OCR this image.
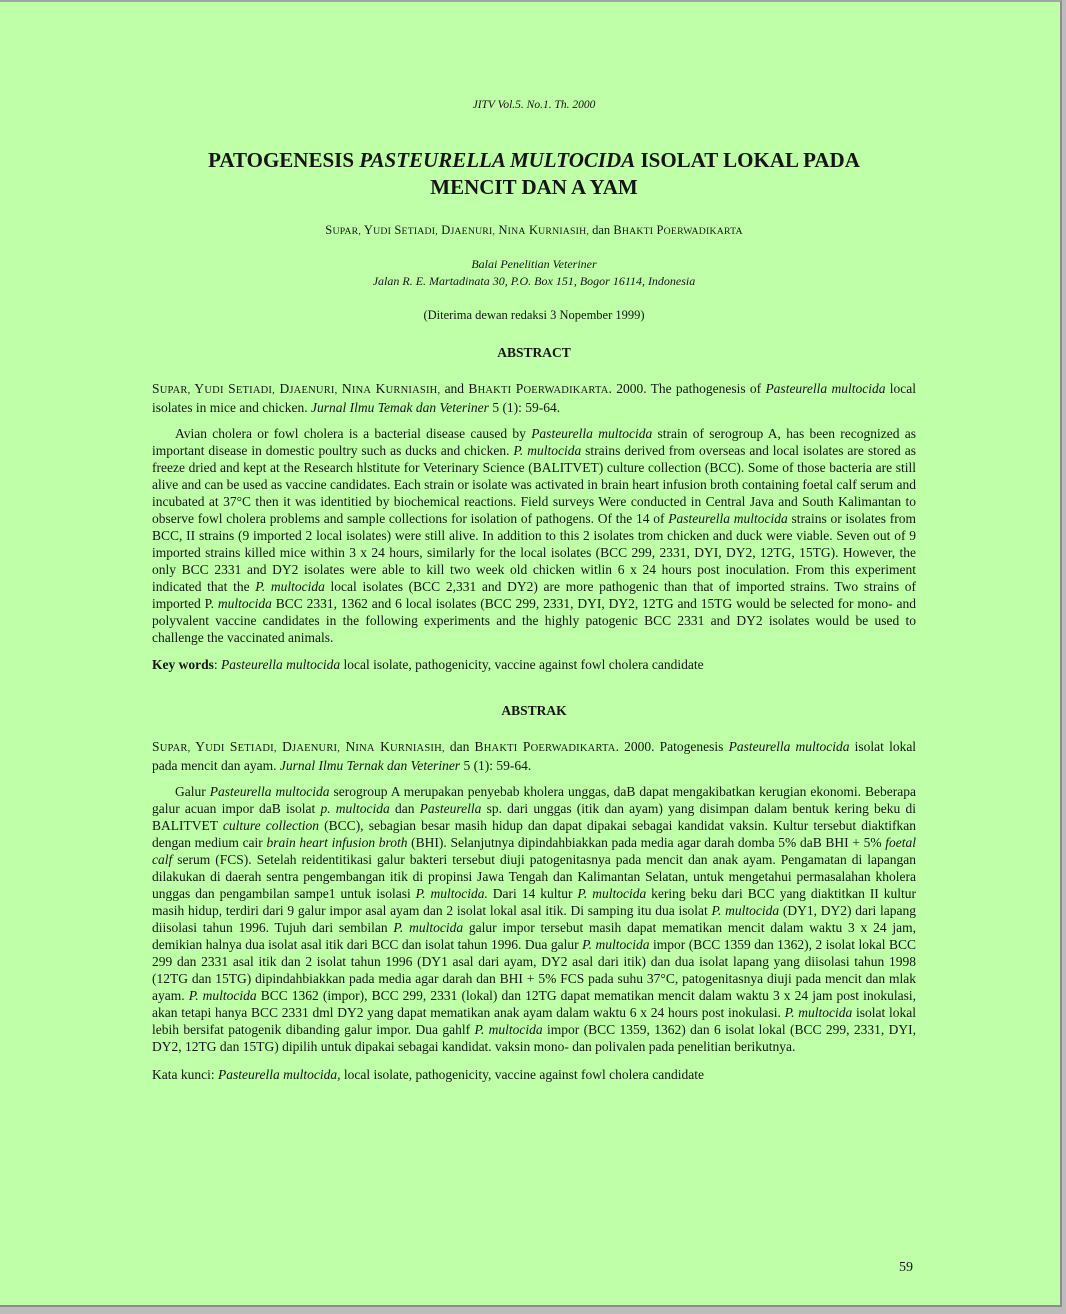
JITV Vol.5. No.1. Th. 2000
PATOGENESIS PASTEURELLA MULTOCIDA ISOLAT LOKAL PADA
MENCIT DAN A YAM

SUPAR, YUDI SETIADI, DJAENURI, NINA KURNIASIH, dan BHAKTI POERWADIKARTA

Balai Penelitian Veteriner
Jalan R. E. Martadinata 30, P.O. Box 151, Bogor 16114, Indonesia

(Diterima dewan redaksi 3 Nopember 1999)

ABSTRACT

SUPAR, YUDI SETIADI, DJAENURI, NINA KURNIASIH, and BHAKTI POERWADIKARTA. 2000. The pathogenesis of Pasteurella multocida local isolates in mice and chicken. Jurnal Ilmu Temak dan Veteriner 5 (1): 59-64.

Avian cholera or fowl cholera is a bacterial disease caused by Pasteurella multocida strain of serogroup A, has been recognized as important disease in domestic poultry such as ducks and chicken. P. multocida strains derived from overseas and local isolates are stored as freeze dried and kept at the Research hlstitute for Veterinary Science (BALITVET) culture collection (BCC). Some of those bacteria are still alive and can be used as vaccine candidates. Each strain or isolate was activated in brain heart infusion broth containing foetal calf serum and incubated at 37°C then it was identitied by biochemical reactions. Field surveys Were conducted in Central Java and South Kalimantan to observe fowl cholera problems and sample collections for isolation of pathogens. Of the 14 of Pasteurella multocida strains or isolates from BCC, II strains (9 imported 2 local isolates) were still alive. In addition to this 2 isolates trom chicken and duck were viable. Seven out of 9 imported strains killed mice within 3 x 24 hours, similarly for the local isolates (BCC 299, 2331, DYI, DY2, 12TG, 15TG). However, the only BCC 2331 and DY2 isolates were able to kill two week old chicken witlin 6 x 24 hours post inoculation. From this experiment indicated that the P. multocida local isolates (BCC 2,331 and DY2) are more pathogenic than that of imported strains. Two strains of imported P. multocida BCC 2331, 1362 and 6 local isolates (BCC 299, 2331, DYI, DY2, 12TG and 15TG would be selected for mono- and polyvalent vaccine candidates in the following experiments and the highly patogenic BCC 2331 and DY2 isolates would be used to challenge the vaccinated animals.

Key words: Pasteurella multocida local isolate, pathogenicity, vaccine against fowl cholera candidate

ABSTRAK

SUPAR, YUDI SETIADI, DJAENURI, NINA KURNIASIH, dan BHAKTI POERWADIKARTA. 2000. Patogenesis Pasteurella multocida isolat lokal pada mencit dan ayam. Jurnal Ilmu Ternak dan Veteriner 5 (1): 59-64.

Galur Pasteurella multocida serogroup A merupakan penyebab kholera unggas, daB dapat mengakibatkan kerugian ekonomi. Beberapa galur acuan impor daB isolat p. multocida dan Pasteurella sp. dari unggas (itik dan ayam) yang disimpan dalam bentuk kering beku di BALITVET culture collection (BCC), sebagian besar masih hidup dan dapat dipakai sebagai kandidat vaksin. Kultur tersebut diaktifkan dengan medium cair brain heart infusion broth (BHI). Selanjutnya dipindahbiakkan pada media agar darah domba 5% daB BHI + 5% foetal calf serum (FCS). Setelah reidentitikasi galur bakteri tersebut diuji patogenitasnya pada mencit dan anak ayam. Pengamatan di lapangan dilakukan di daerah sentra pengembangan itik di propinsi Jawa Tengah dan Kalimantan Selatan, untuk mengetahui permasalahan kholera unggas dan pengambilan sampe1 untuk isolasi P. multocida. Dari 14 kultur P. multocida kering beku dari BCC yang diaktitkan II kultur masih hidup, terdiri dari 9 galur impor asal ayam dan 2 isolat lokal asal itik. Di samping itu dua isolat P. multocida (DY1, DY2) dari lapang diisolasi tahun 1996. Tujuh dari sembilan P. multocida galur impor tersebut masih dapat mematikan mencit dalam waktu 3 x 24 jam, demikian halnya dua isolat asal itik dari BCC dan isolat tahun 1996. Dua galur P. multocida impor (BCC 1359 dan 1362), 2 isolat lokal BCC 299 dan 2331 asal itik dan 2 isolat tahun 1996 (DY1 asal dari ayam, DY2 asal dari itik) dan dua isolat lapang yang diisolasi tahun 1998 (12TG dan 15TG) dipindahbiakkan pada media agar darah dan BHI + 5% FCS pada suhu 37°C, patogenitasnya diuji pada mencit dan mlak ayam. P. multocida BCC 1362 (impor), BCC 299, 2331 (lokal) dan 12TG dapat mematikan mencit dalam waktu 3 x 24 jam post inokulasi, akan tetapi hanya BCC 2331 dml DY2 yang dapat mematikan anak ayam dalam waktu 6 x 24 hours post inokulasi. P. multocida isolat lokal lebih bersifat patogenik dibanding galur impor. Dua gahlf P. multocida impor (BCC 1359, 1362) dan 6 isolat lokal (BCC 299, 2331, DYI, DY2, 12TG dan 15TG) dipilih untuk dipakai sebagai kandidat. vaksin mono- dan polivalen pada penelitian berikutnya.

Kata kunci: Pasteurella multocida, local isolate, pathogenicity, vaccine against fowl cholera candidate

59
